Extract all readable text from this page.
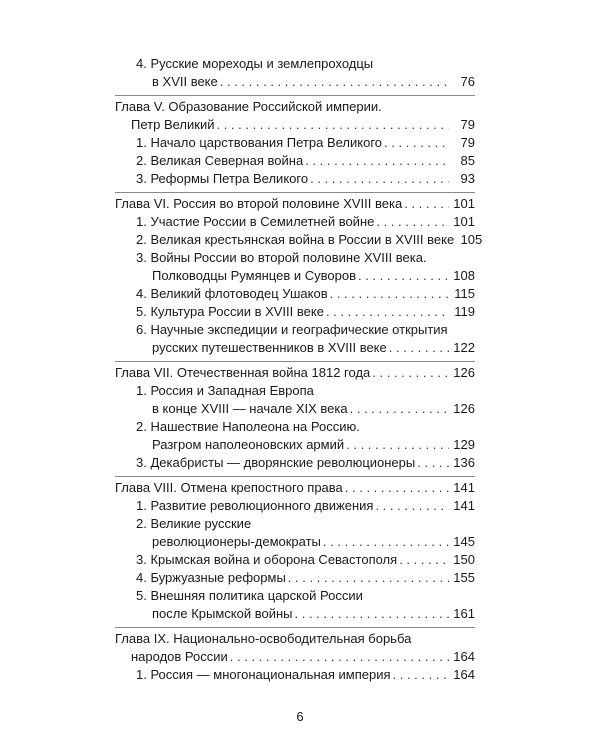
4. Русские мореходы и землепроходцы
в XVII веке . . .	76
Глава V. Образование Российской империи.
Петр Великий . . .	79
1. Начало царствования Петра Великого . . .	79
2. Великая Северная война . . .	85
3. Реформы Петра Великого . . .	93
Глава VI. Россия во второй половине XVIII века . . .	101
1. Участие России в Семилетней войне . . .	101
2. Великая крестьянская война в России в XVIII веке 105
3. Войны России во второй половине XVIII века.
Полководцы Румянцев и Суворов . . .	108
4. Великий флотоводец Ушаков . . .	115
5. Культура России в XVIII веке . . .	119
6. Научные экспедиции и географические открытия
русских путешественников в XVIII веке . . .	122
Глава VII. Отечественная война 1812 года . . .	126
1. Россия и Западная Европа
в конце XVIII — начале XIX века . . .	126
2. Нашествие Наполеона на Россию.
Разгром наполеоновских армий . . .	129
3. Декабристы — дворянские революционеры . . .	136
Глава VIII. Отмена крепостного права . . .	141
1. Развитие революционного движения . . .	141
2. Великие русские
революционеры-демократы . . .	145
3. Крымская война и оборона Севастополя . . .	150
4. Буржуазные реформы . . .	155
5. Внешняя политика царской России
после Крымской войны . . .	161
Глава IX. Национально-освободительная борьба
народов России . . .	164
1. Россия — многонациональная империя . . .	164
6
